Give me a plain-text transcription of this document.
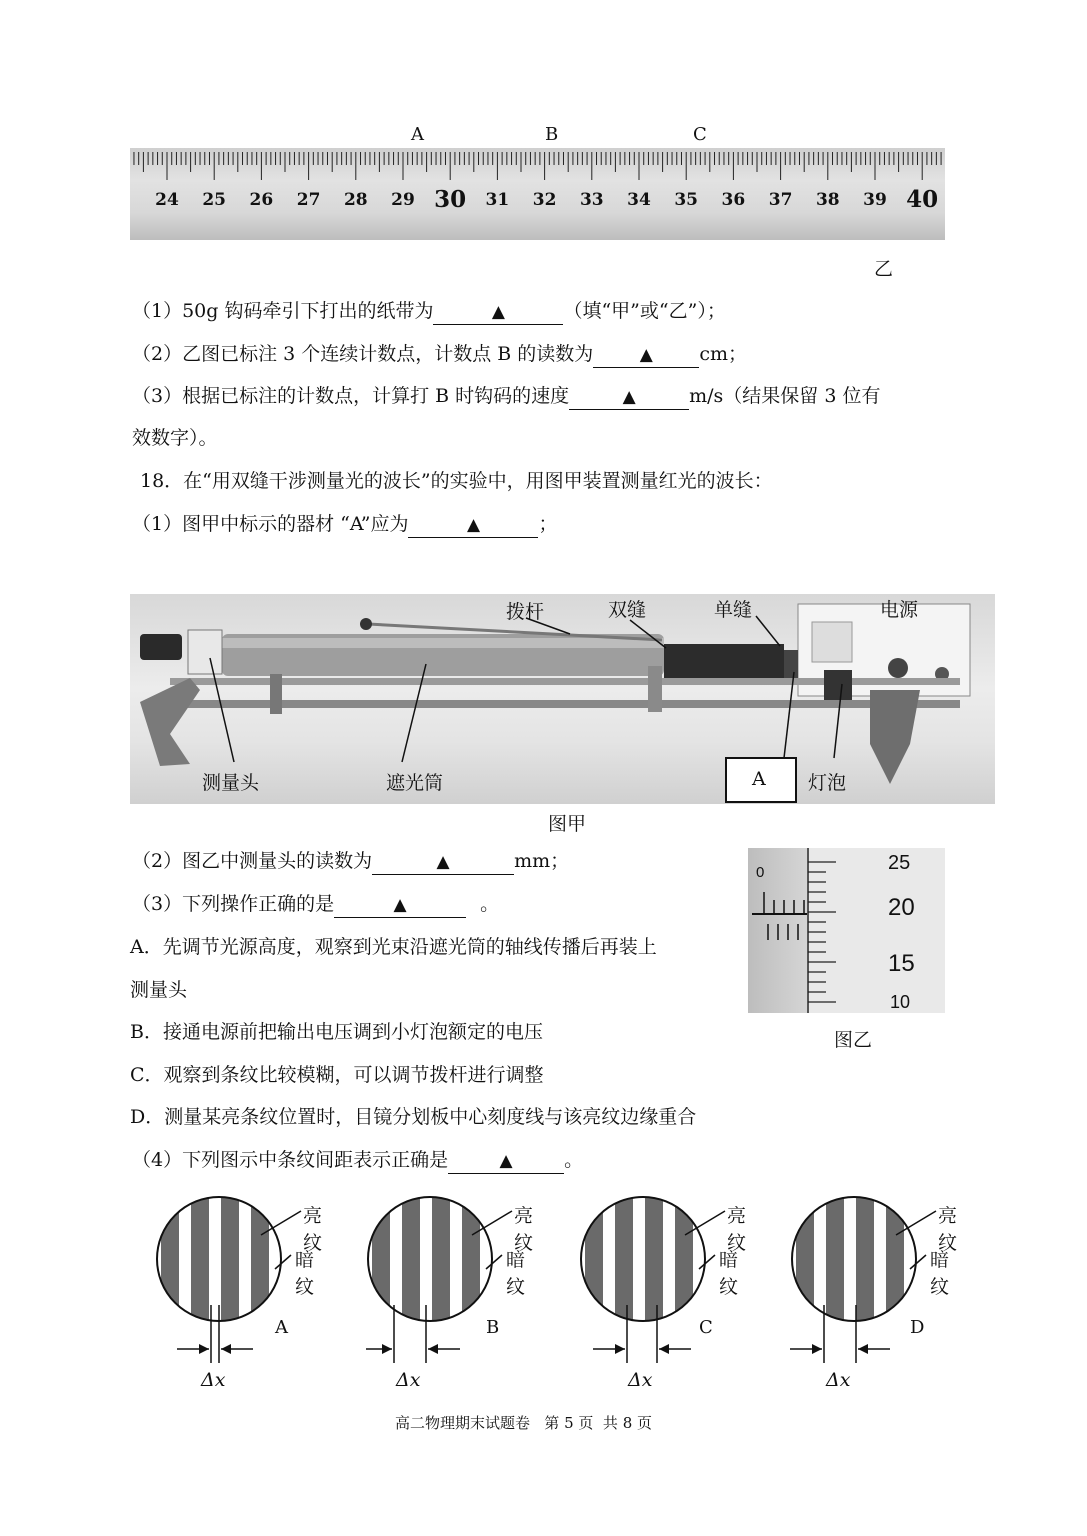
A	B	C
24	25	26	27	28	29 30	31	32	33	34	35	36	37	38	39 40
乙
（1）50g 钩码牵引下打出的纸带为	▲	（填“甲”或“乙”）；
（2）乙图已标注 3 个连续计数点，计数点 B 的读数为	▲ cm；
（3）根据已标注的计数点，计算打 B 时钩码的速度	▲	m/s（结果保留 3 位有
效数字）。
18．在“用双缝干涉测量光的波长”的实验中，用图甲装置测量红光的波长：
（1）图甲中标示的器材 “A”应为	▲	；
拨杆	双缝	单缝	电源
测量头	遮光筒	A 灯泡
图甲
0	25
20
15
10
图乙
（2）图乙中测量头的读数为	▲	mm；
（3）下列操作正确的是	▲	。
A．先调节光源高度，观察到光束沿遮光筒的轴线传播后再装上
测量头
B．接通电源前把输出电压调到小灯泡额定的电压
C．观察到条纹比较模糊，可以调节拨杆进行调整
D．测量某亮条纹位置时，目镜分划板中心刻度线与该亮纹边缘重合
（4）下列图示中条纹间距表示正确是	▲	。
亮纹
暗纹
A
Δx
亮纹
暗纹
B
Δx
亮纹
暗纹
C
Δx
亮纹
暗纹
D
Δx
高二物理期末试题卷   第 5 页  共 8 页
